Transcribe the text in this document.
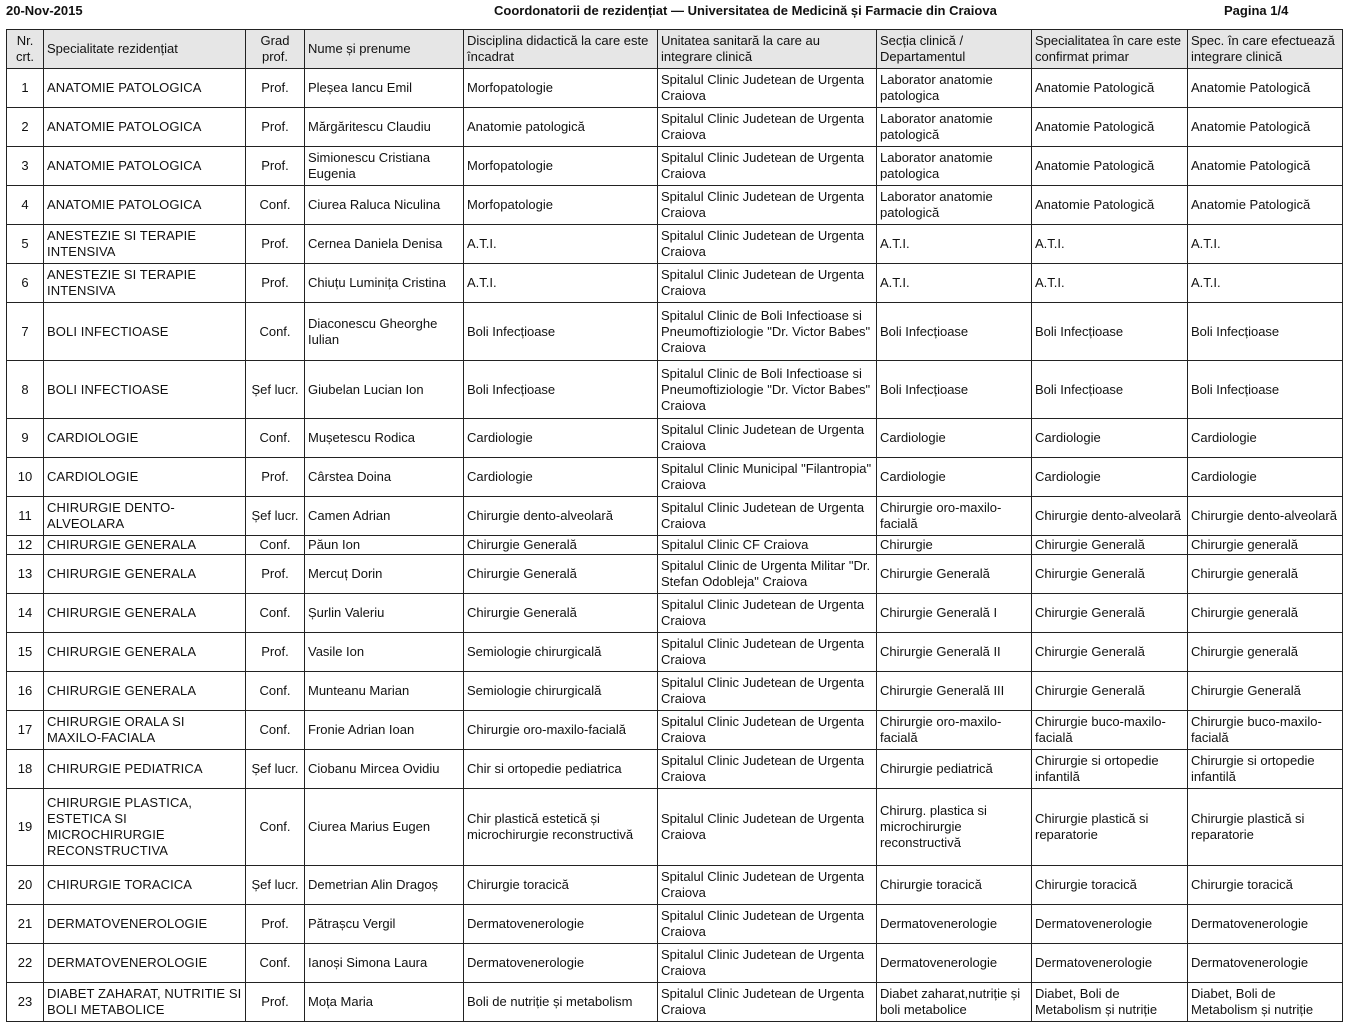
20-Nov-2015	Coordonatorii de rezidențiat — Universitatea de Medicină și Farmacie din Craiova	Pagina 1/4
Nr. crt.	Specialitate rezidențiat	Grad prof.	Nume și prenume	Disciplina didactică la care este încadrat	Unitatea sanitară la care au integrare clinică	Secția clinică / Departamentul	Specialitatea în care este confirmat primar	Spec. în care efectuează integrare clinică
1	ANATOMIE PATOLOGICA	Prof.	Pleșea Iancu Emil	Morfopatologie	Spitalul Clinic Judetean de Urgenta Craiova	Laborator anatomie patologica	Anatomie Patologică	Anatomie Patologică
2	ANATOMIE PATOLOGICA	Prof.	Mărgăritescu Claudiu	Anatomie patologică	Spitalul Clinic Judetean de Urgenta Craiova	Laborator anatomie patologică	Anatomie Patologică	Anatomie Patologică
3	ANATOMIE PATOLOGICA	Prof.	Simionescu Cristiana Eugenia	Morfopatologie	Spitalul Clinic Judetean de Urgenta Craiova	Laborator anatomie patologica	Anatomie Patologică	Anatomie Patologică
4	ANATOMIE PATOLOGICA	Conf.	Ciurea Raluca Niculina	Morfopatologie	Spitalul Clinic Judetean de Urgenta Craiova	Laborator anatomie patologică	Anatomie Patologică	Anatomie Patologică
5	ANESTEZIE SI TERAPIE INTENSIVA	Prof.	Cernea Daniela Denisa	A.T.I.	Spitalul Clinic Judetean de Urgenta Craiova	A.T.I.	A.T.I.	A.T.I.
6	ANESTEZIE SI TERAPIE INTENSIVA	Prof.	Chiuțu Luminița Cristina	A.T.I.	Spitalul Clinic Judetean de Urgenta Craiova	A.T.I.	A.T.I.	A.T.I.
7	BOLI INFECTIOASE	Conf.	Diaconescu Gheorghe Iulian	Boli Infecțioase	Spitalul Clinic de Boli Infectioase si Pneumoftiziologie "Dr. Victor Babes" Craiova	Boli Infecțioase	Boli Infecțioase	Boli Infecțioase
8	BOLI INFECTIOASE	Șef lucr.	Giubelan Lucian Ion	Boli Infecțioase	Spitalul Clinic de Boli Infectioase si Pneumoftiziologie "Dr. Victor Babes" Craiova	Boli Infecțioase	Boli Infecțioase	Boli Infecțioase
9	CARDIOLOGIE	Conf.	Mușetescu Rodica	Cardiologie	Spitalul Clinic Judetean de Urgenta Craiova	Cardiologie	Cardiologie	Cardiologie
10	CARDIOLOGIE	Prof.	Cârstea Doina	Cardiologie	Spitalul Clinic Municipal "Filantropia" Craiova	Cardiologie	Cardiologie	Cardiologie
11	CHIRURGIE DENTO-ALVEOLARA	Șef lucr.	Camen Adrian	Chirurgie dento-alveolară	Spitalul Clinic Judetean de Urgenta Craiova	Chirurgie oro-maxilo-facială	Chirurgie dento-alveolară	Chirurgie dento-alveolară
12	CHIRURGIE GENERALA	Conf.	Păun Ion	Chirurgie Generală	Spitalul Clinic CF Craiova	Chirurgie	Chirurgie Generală	Chirurgie generală
13	CHIRURGIE GENERALA	Prof.	Mercuț Dorin	Chirurgie Generală	Spitalul Clinic de Urgenta Militar "Dr. Stefan Odobleja" Craiova	Chirurgie Generală	Chirurgie Generală	Chirurgie generală
14	CHIRURGIE GENERALA	Conf.	Șurlin Valeriu	Chirurgie Generală	Spitalul Clinic Judetean de Urgenta Craiova	Chirurgie Generală I	Chirurgie Generală	Chirurgie generală
15	CHIRURGIE GENERALA	Prof.	Vasile Ion	Semiologie chirurgicală	Spitalul Clinic Judetean de Urgenta Craiova	Chirurgie Generală II	Chirurgie Generală	Chirurgie generală
16	CHIRURGIE GENERALA	Conf.	Munteanu Marian	Semiologie chirurgicală	Spitalul Clinic Judetean de Urgenta Craiova	Chirurgie Generală III	Chirurgie Generală	Chirurgie Generală
17	CHIRURGIE ORALA SI MAXILO-FACIALA	Conf.	Fronie Adrian Ioan	Chirurgie oro-maxilo-facială	Spitalul Clinic Judetean de Urgenta Craiova	Chirurgie oro-maxilo-facială	Chirurgie buco-maxilo-facială	Chirurgie buco-maxilo-facială
18	CHIRURGIE PEDIATRICA	Șef lucr.	Ciobanu Mircea Ovidiu	Chir si ortopedie pediatrica	Spitalul Clinic Judetean de Urgenta Craiova	Chirurgie pediatrică	Chirurgie si ortopedie infantilă	Chirurgie si ortopedie infantilă
19	CHIRURGIE PLASTICA, ESTETICA SI MICROCHIRURGIE RECONSTRUCTIVA	Conf.	Ciurea Marius Eugen	Chir plastică estetică și microchirurgie reconstructivă	Spitalul Clinic Judetean de Urgenta Craiova	Chirurg. plastica si microchirurgie reconstructivă	Chirurgie plastică si reparatorie	Chirurgie plastică si reparatorie
20	CHIRURGIE TORACICA	Șef lucr.	Demetrian Alin Dragoș	Chirurgie toracică	Spitalul Clinic Judetean de Urgenta Craiova	Chirurgie toracică	Chirurgie toracică	Chirurgie toracică
21	DERMATOVENEROLOGIE	Prof.	Pătrașcu Vergil	Dermatovenerologie	Spitalul Clinic Judetean de Urgenta Craiova	Dermatovenerologie	Dermatovenerologie	Dermatovenerologie
22	DERMATOVENEROLOGIE	Conf.	Ianoși Simona Laura	Dermatovenerologie	Spitalul Clinic Judetean de Urgenta Craiova	Dermatovenerologie	Dermatovenerologie	Dermatovenerologie
23	DIABET ZAHARAT, NUTRITIE SI BOLI METABOLICE	Prof.	Moța Maria	Boli de nutriție și metabolism	Spitalul Clinic Judetean de Urgenta Craiova	Diabet zaharat,nutriție și boli metabolice	Diabet, Boli de Metabolism și nutriție	Diabet, Boli de Metabolism și nutriție
